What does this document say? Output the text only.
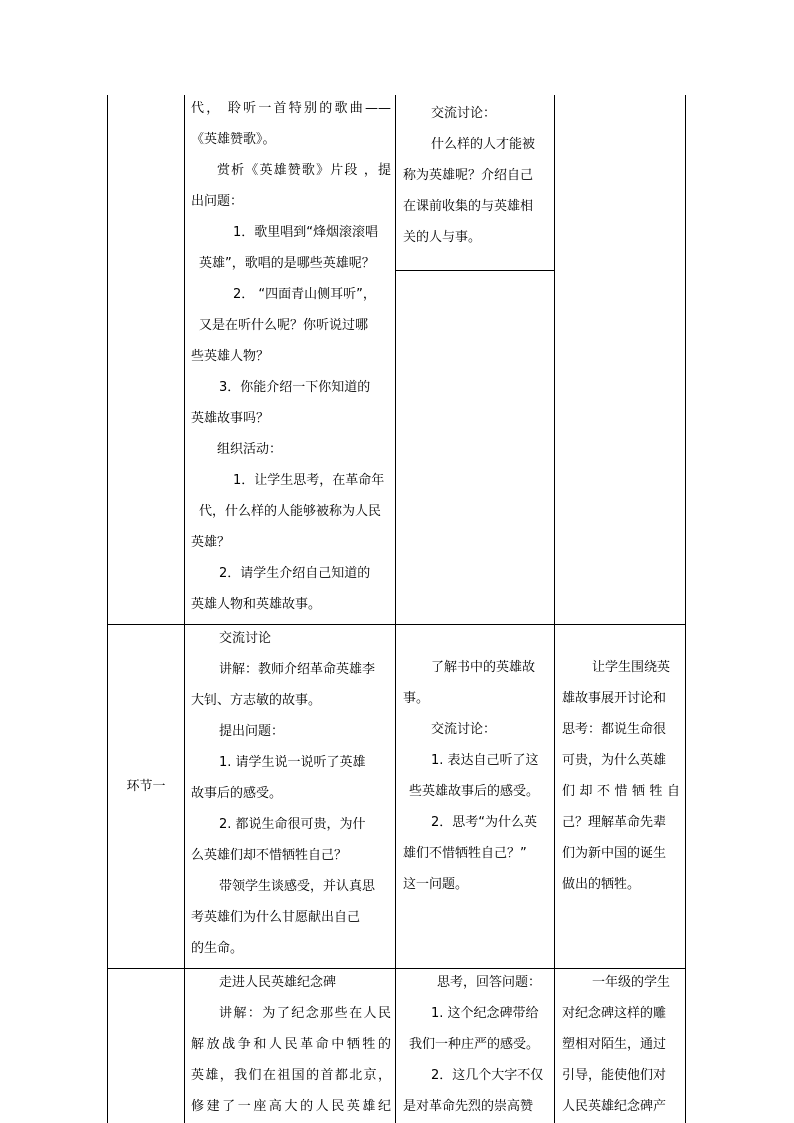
代， 聆听一首特别的歌曲——

《英雄赞歌》。

赏析《英雄赞歌》片段 ，提

出问题：

1．歌里唱到“烽烟滚滚唱

英雄”，歌唱的是哪些英雄呢？

2． “四面青山侧耳听”，

又是在听什么呢？你听说过哪

些英雄人物？

3．你能介绍一下你知道的

英雄故事吗？

组织活动：

1．让学生思考，在革命年

代，什么样的人能够被称为人民

英雄？

2．请学生介绍自己知道的

英雄人物和英雄故事。

交流讨论：

什么样的人才能被

称为英雄呢？介绍自己

在课前收集的与英雄相

关的人与事。

环节一

交流讨论

讲解：教师介绍革命英雄李

大钊、方志敏的故事。

提出问题：

1. 请学生说一说听了英雄

故事后的感受。

2. 都说生命很可贵，为什

么英雄们却不惜牺牲自己？

带领学生谈感受，并认真思

考英雄们为什么甘愿献出自己

的生命。

了解书中的英雄故

事。

交流讨论：

1. 表达自己听了这

些英雄故事后的感受。

2．思考“为什么英

雄们不惜牺牲自己？”

这一问题。

让学生围绕英

雄故事展开讨论和

思考：都说生命很

可贵，为什么英雄

们却不惜牺牲自

己？理解革命先辈

们为新中国的诞生

做出的牺牲。

走进人民英雄纪念碑

讲解：为了纪念那些在人民

解放战争和人民革命中牺牲的

英雄，我们在祖国的首都北京，

修建了一座高大的人民英雄纪

思考，回答问题：

1. 这个纪念碑带给

我们一种庄严的感受。

2．这几个大字不仅

是对革命先烈的崇高赞

一年级的学生

对纪念碑这样的雕

塑相对陌生，通过

引导，能使他们对

人民英雄纪念碑产
